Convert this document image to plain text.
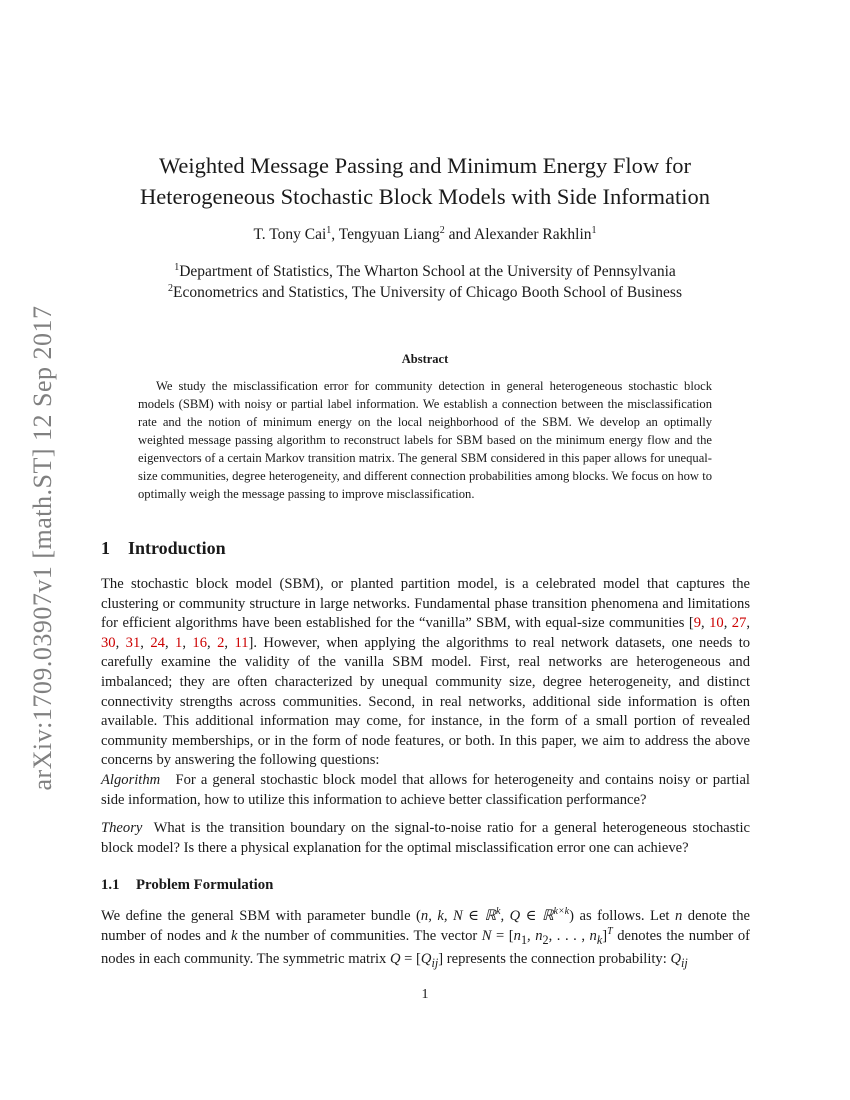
arXiv:1709.03907v1 [math.ST] 12 Sep 2017
Weighted Message Passing and Minimum Energy Flow for
Heterogeneous Stochastic Block Models with Side Information
T. Tony Cai$^1$, Tengyuan Liang$^2$ and Alexander Rakhlin$^1$
$^1$Department of Statistics, The Wharton School at the University of Pennsylvania
$^2$Econometrics and Statistics, The University of Chicago Booth School of Business
Abstract

We study the misclassification error for community detection in general heterogeneous stochastic block models (SBM) with noisy or partial label information. We establish a connection between the misclassification rate and the notion of minimum energy on the local neighborhood of the SBM. We develop an optimally weighted message passing algorithm to reconstruct labels for SBM based on the minimum energy flow and the eigenvectors of a certain Markov transition matrix. The general SBM considered in this paper allows for unequal-size communities, degree heterogeneity, and different connection probabilities among blocks. We focus on how to optimally weigh the message passing to improve misclassification.

1 Introduction

The stochastic block model (SBM), or planted partition model, is a celebrated model that captures the clustering or community structure in large networks. Fundamental phase transition phenomena and limitations for efficient algorithms have been established for the “vanilla” SBM, with equal-size communities [9, 10, 27, 30, 31, 24, 1, 16, 2, 11]. However, when applying the algorithms to real network datasets, one needs to carefully examine the validity of the vanilla SBM model. First, real networks are heterogeneous and imbalanced; they are often characterized by unequal community size, degree heterogeneity, and distinct connectivity strengths across communities. Second, in real networks, additional side information is often available. This additional information may come, for instance, in the form of a small portion of revealed community memberships, or in the form of node features, or both. In this paper, we aim to address the above concerns by answering the following questions:

Algorithm For a general stochastic block model that allows for heterogeneity and contains noisy or partial side information, how to utilize this information to achieve better classification performance?

Theory What is the transition boundary on the signal-to-noise ratio for a general heterogeneous stochastic block model? Is there a physical explanation for the optimal misclassification error one can achieve?

1.1 Problem Formulation

We define the general SBM with parameter bundle (n, k, N ∈ ℝ$^k$, Q ∈ ℝ$^{k\times k}$) as follows. Let n denote the number of nodes and k the number of communities. The vector $N = [n_1$, $n_2$, . . . , $n_k]^T$ denotes the number of nodes in each community. The symmetric matrix $Q = [Q_{ij}]$ represents the connection probability: $Q_{ij}$

1
